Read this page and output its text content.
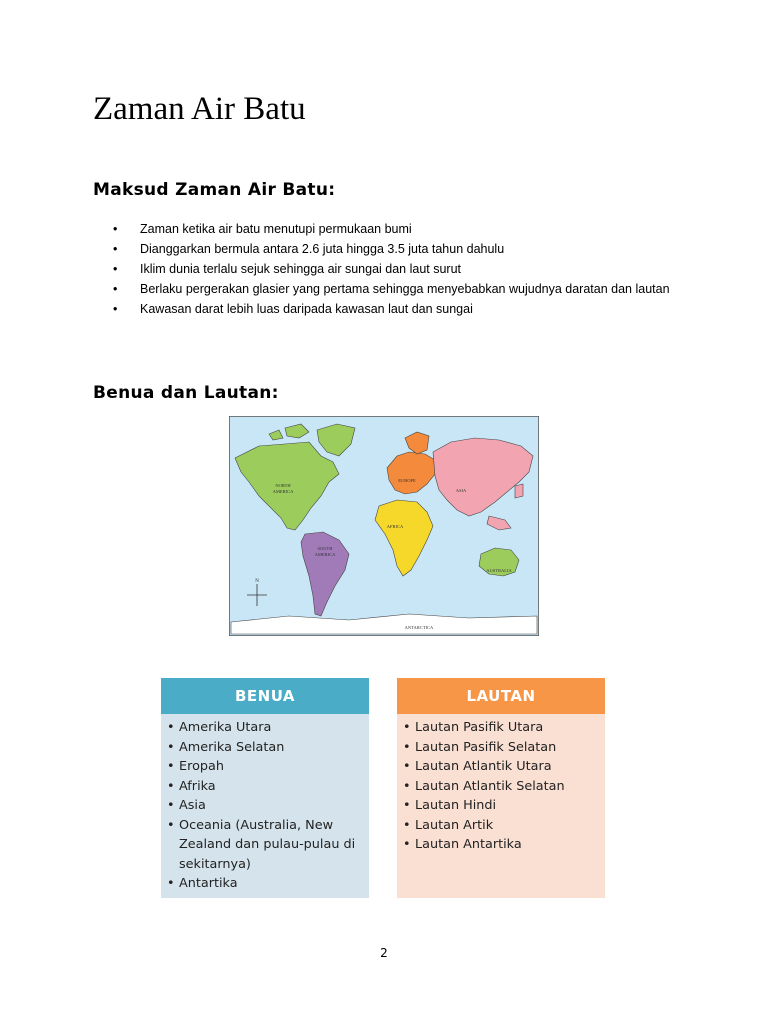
Zaman Air Batu
Maksud Zaman Air Batu:
• Zaman ketika air batu menutupi permukaan bumi
• Dianggarkan bermula antara 2.6 juta hingga 3.5 juta tahun dahulu
• Iklim dunia terlalu sejuk sehingga air sungai dan laut surut
• Berlaku pergerakan glasier yang pertama sehingga menyebabkan wujudnya daratan dan lautan
• Kawasan darat lebih luas daripada kawasan laut dan sungai
Benua dan Lautan:
N
NORTH
AMERICA
SOUTH
AMERICA
EUROPE
ASIA
AFRICA
AUSTRALIA
ANTARCTICA
BENUA
• Amerika Utara
• Amerika Selatan
• Eropah
• Afrika
• Asia
• Oceania (Australia, New Zealand dan pulau-pulau di sekitarnya)
• Antartika
LAUTAN
• Lautan Pasifik Utara
• Lautan Pasifik Selatan
• Lautan Atlantik Utara
• Lautan Atlantik Selatan
• Lautan Hindi
• Lautan Artik
• Lautan Antartika
2
